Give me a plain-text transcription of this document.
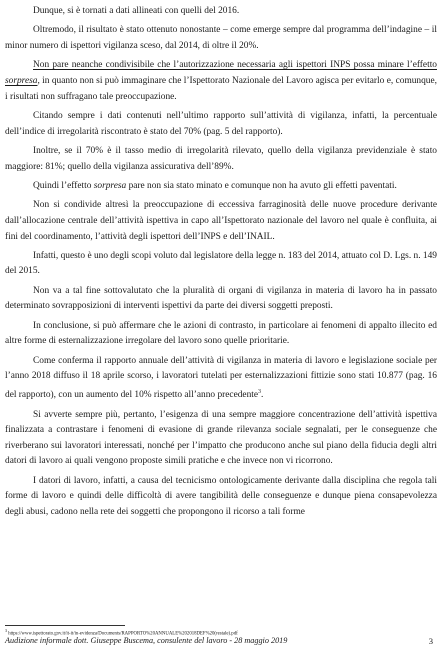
Dunque, si è tornati a dati allineati con quelli del 2016.

Oltremodo, il risultato è stato ottenuto nonostante – come emerge sempre dal programma dell’indagine – il minor numero di ispettori vigilanza sceso, dal 2014, di oltre il 20%.

Non pare neanche condivisibile che l’autorizzazione necessaria agli ispettori INPS possa minare l’effetto sorpresa, in quanto non si può immaginare che l’Ispettorato Nazionale del Lavoro agisca per evitarlo e, comunque, i risultati non suffragano tale preoccupazione.

Citando sempre i dati contenuti nell’ultimo rapporto sull’attività di vigilanza, infatti, la percentuale dell’indice di irregolarità riscontrato è stato del 70% (pag. 5 del rapporto).

Inoltre, se il 70% è il tasso medio di irregolarità rilevato, quello della vigilanza previdenziale è stato maggiore: 81%; quello della vigilanza assicurativa dell’89%.

Quindi l’effetto sorpresa pare non sia stato minato e comunque non ha avuto gli effetti paventati.

Non si condivide altresì la preoccupazione di eccessiva farraginosità delle nuove procedure derivante dall’allocazione centrale dell’attività ispettiva in capo all’Ispettorato nazionale del lavoro nel quale è confluita, ai fini del coordinamento, l’attività degli ispettori dell’INPS e dell’INAIL.

Infatti, questo è uno degli scopi voluto dal legislatore della legge n. 183 del 2014, attuato col D. Lgs. n. 149 del 2015.

Non va a tal fine sottovalutato che la pluralità di organi di vigilanza in materia di lavoro ha in passato determinato sovrapposizioni di interventi ispettivi da parte dei diversi soggetti preposti.

In conclusione, si può affermare che le azioni di contrasto, in particolare ai fenomeni di appalto illecito ed altre forme di esternalizzazione irregolare del lavoro sono quelle prioritarie.

Come conferma il rapporto annuale dell’attività di vigilanza in materia di lavoro e legislazione sociale per l’anno 2018 diffuso il 18 aprile scorso, i lavoratori tutelati per esternalizzazioni fittizie sono stati 10.877 (pag. 16 del rapporto), con un aumento del 10% rispetto all’anno precedente$^3$.

Si avverte sempre più, pertanto, l’esigenza di una sempre maggiore concentrazione dell’attività ispettiva finalizzata a contrastare i fenomeni di evasione di grande rilevanza sociale segnalati, per le conseguenze che riverberano sui lavoratori interessati, nonché per l’impatto che producono anche sul piano della fiducia degli altri datori di lavoro ai quali vengono proposte simili pratiche e che invece non vi ricorrono.

I datori di lavoro, infatti, a causa del tecnicismo ontologicamente derivante dalla disciplina che regola tali forme di lavoro e quindi delle difficoltà di avere tangibilità delle conseguenze e dunque piena consapevolezza degli abusi, cadono nella rete dei soggetti che propongono il ricorso a tali forme

$^3$ https://www.ispettorato.gov.it/it-it/in-evidenza/Documents/RAPPORTO%20ANNUALE%202018DEF%20(restale).pdf
Audizione informale dott. Giuseppe Buscema, consulente del lavoro - 28 maggio 2019	3
